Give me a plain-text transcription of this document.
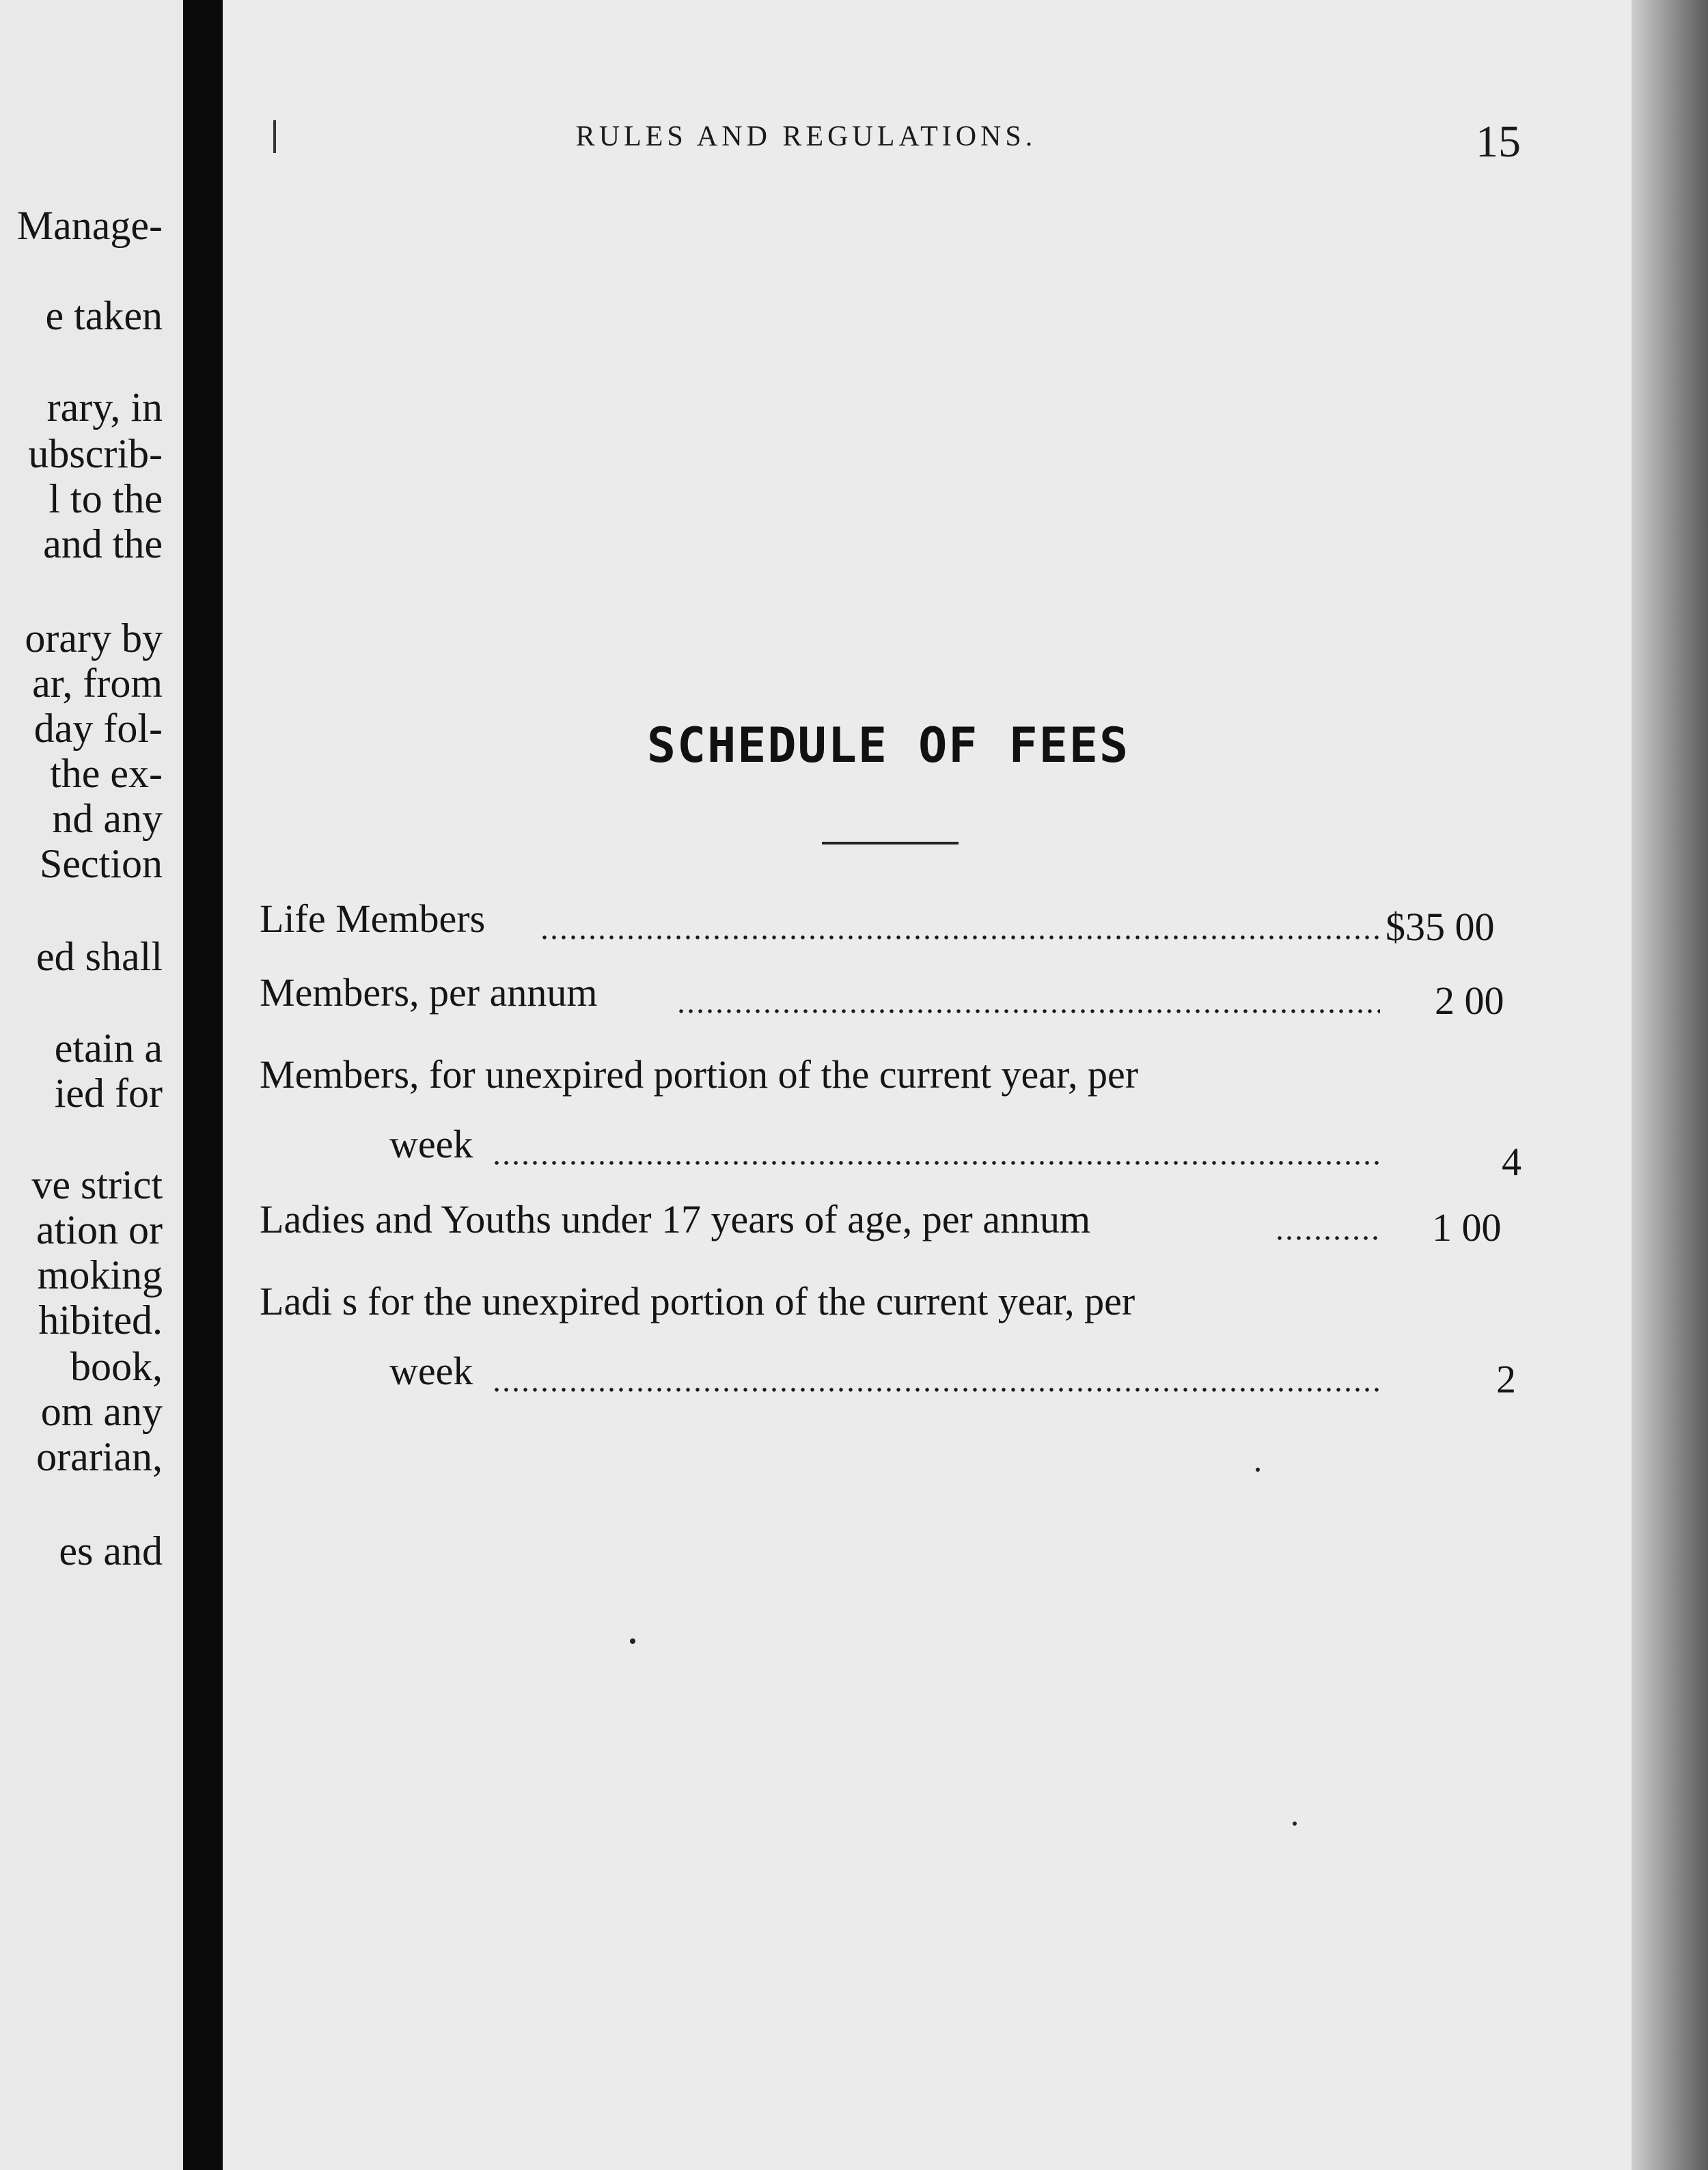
Manage-
e taken
rary, in
ubscrib-
l to the
and the
orary by
ar, from
day fol-
the ex-
nd any
Section
ed shall
etain a
ied for
ve strict
ation or
moking
hibited.
book,
om any
orarian,
es and
RULES AND REGULATIONS.	15
SCHEDULE OF FEES
Life Members	$35 00
Members, per annum	2 00
Members, for unexpired portion of the current year, per
week	4
Ladies and Youths under 17 years of age, per annum	1 00
Ladi s for the unexpired portion of the current year, per
week	2
